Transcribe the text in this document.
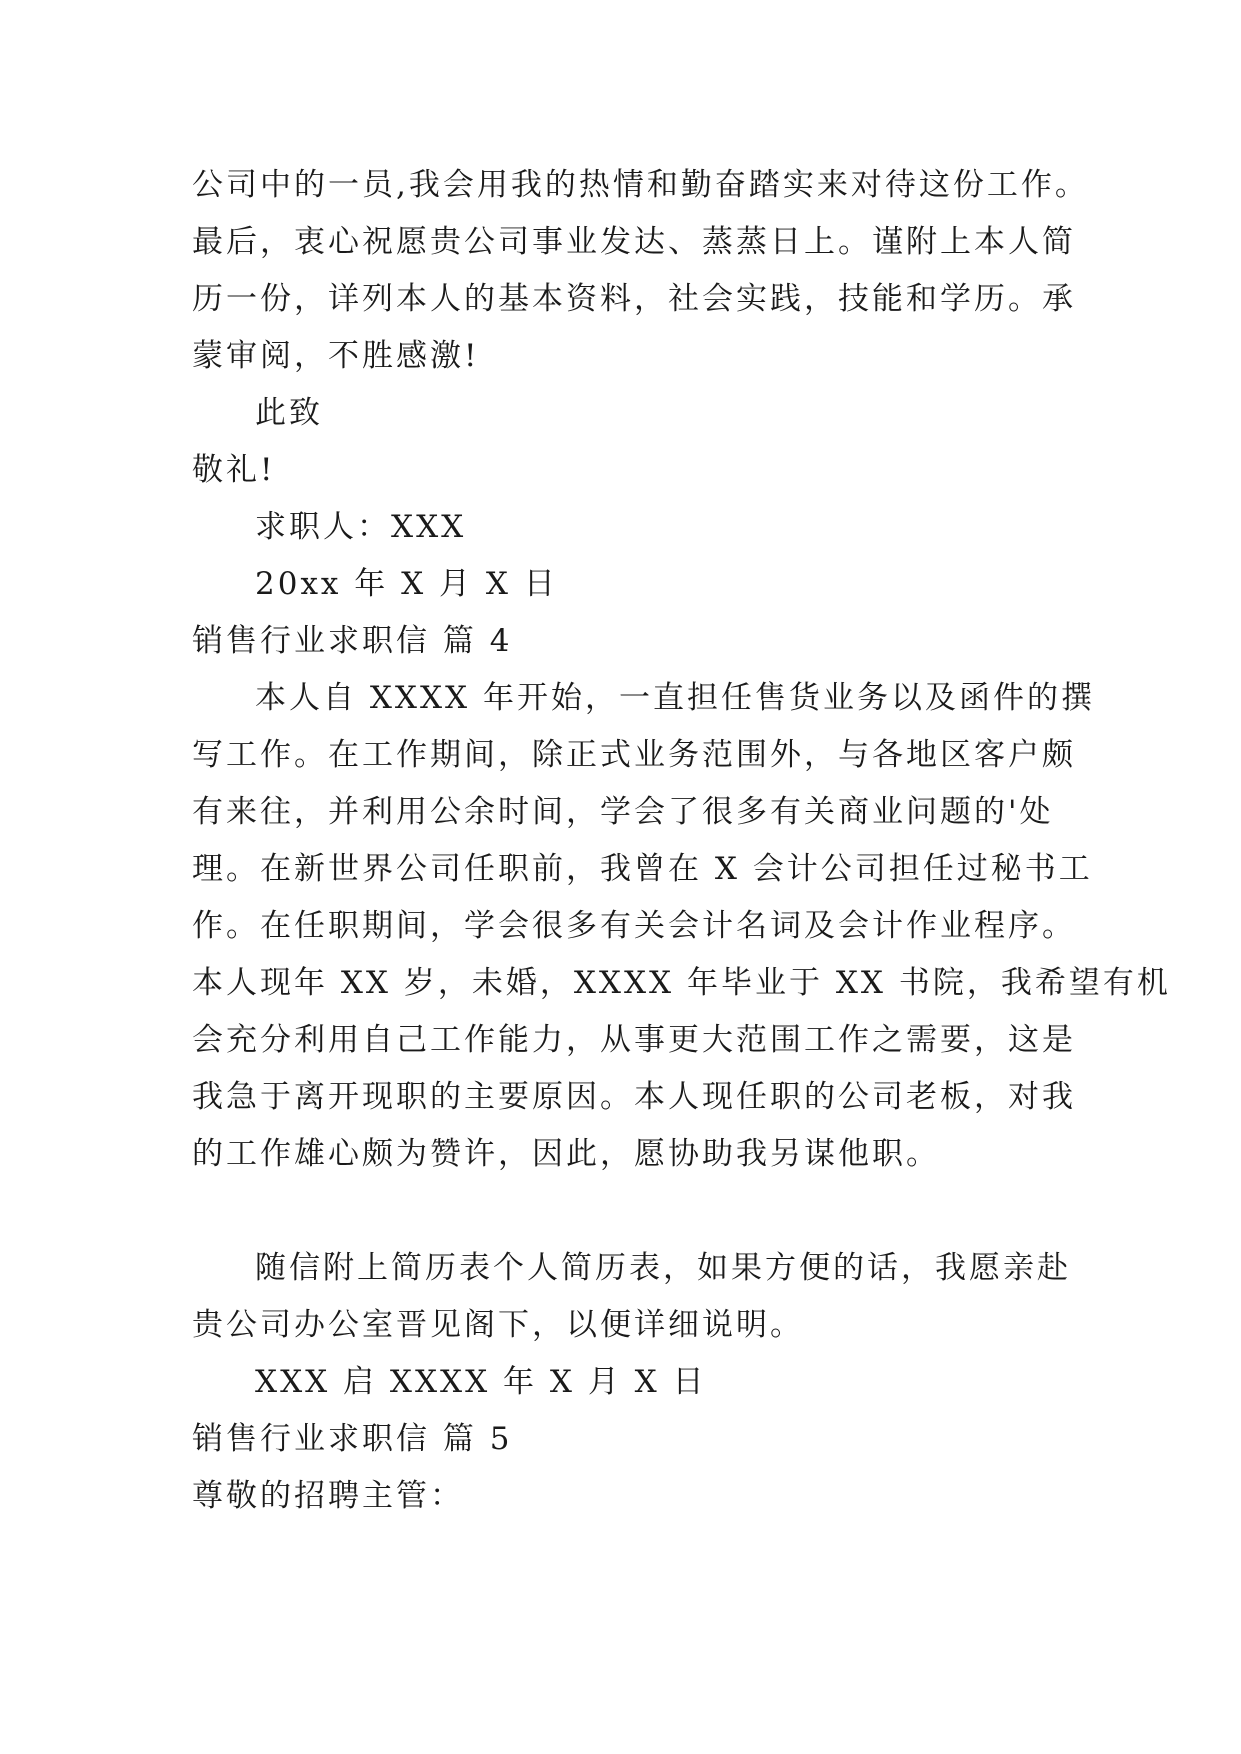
公司中的一员,我会用我的热情和勤奋踏实来对待这份工作。
最后，衷心祝愿贵公司事业发达、蒸蒸日上。谨附上本人简
历一份，详列本人的基本资料，社会实践，技能和学历。承
蒙审阅，不胜感激!
此致
敬礼!
求职人：XXX
20xx 年 X 月 X 日
销售行业求职信 篇 4
本人自 XXXX 年开始，一直担任售货业务以及函件的撰
写工作。在工作期间，除正式业务范围外，与各地区客户颇
有来往，并利用公余时间，学会了很多有关商业问题的'处
理。在新世界公司任职前，我曾在 X 会计公司担任过秘书工
作。在任职期间，学会很多有关会计名词及会计作业程序。
本人现年 XX 岁，未婚，XXXX 年毕业于 XX 书院，我希望有机
会充分利用自己工作能力，从事更大范围工作之需要，这是
我急于离开现职的主要原因。本人现任职的公司老板，对我
的工作雄心颇为赞许，因此，愿协助我另谋他职。
随信附上简历表个人简历表，如果方便的话，我愿亲赴
贵公司办公室晋见阁下，以便详细说明。
XXX 启 XXXX 年 X 月 X 日
销售行业求职信 篇 5
尊敬的招聘主管：
